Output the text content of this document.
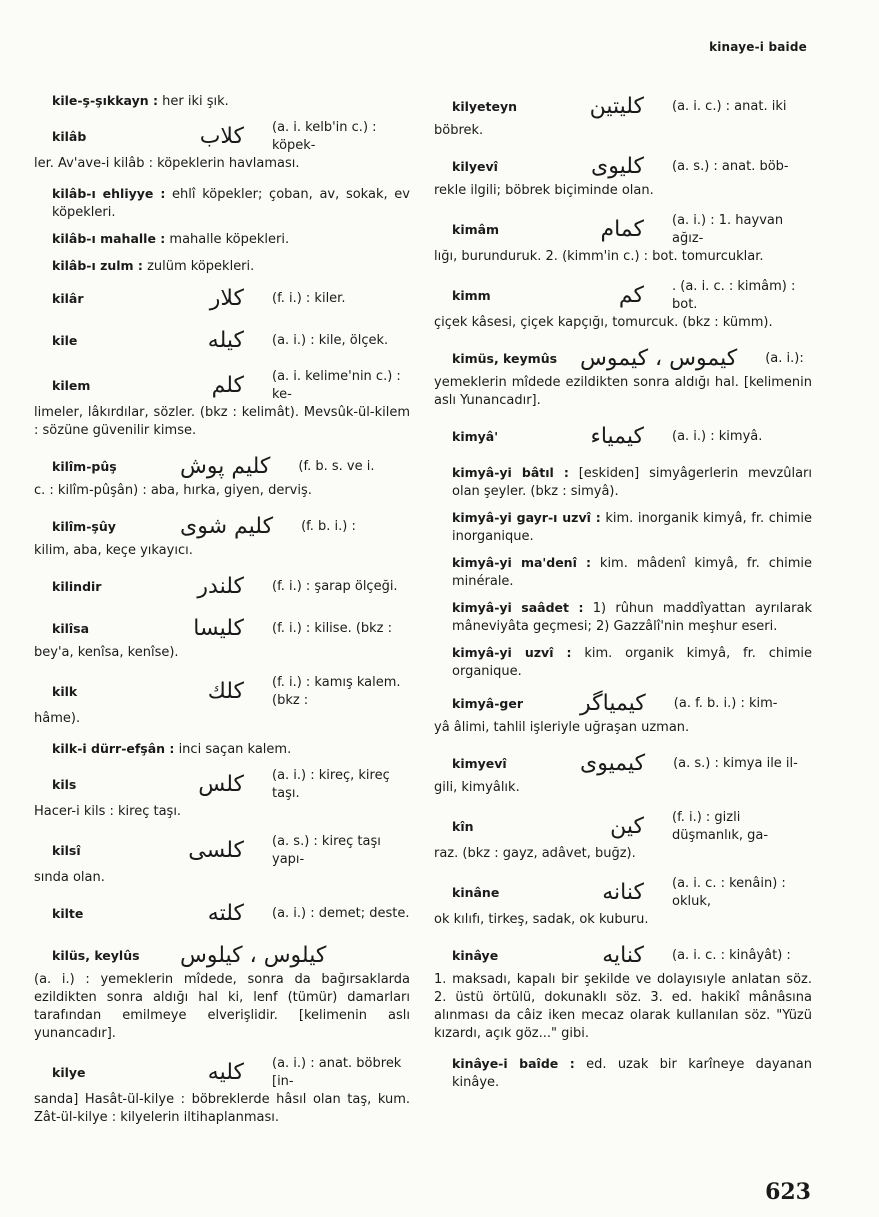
kinaye-i baide
kile-ş-şıkkayn : her iki şık.
kilâb	كلاب (a. i. kelb'in c.) : köpek-
ler. Av'ave-i kilâb : köpeklerin havlaması.
kilâb-ı ehliyye : ehlî köpekler; çoban, av, sokak, ev köpekleri.
kilâb-ı mahalle : mahalle köpekleri.
kilâb-ı zulm : zulüm köpekleri.
kilâr	كلار (f. i.) : kiler.
kile	كيله (a. i.) : kile, ölçek.
kilem	كلم (a. i. kelime'nin c.) : ke-
limeler, lâkırdılar, sözler. (bkz : kelimât). Mevsûk-ül-kilem : sözüne güvenilir kimse.
kilîm-pûş	كليم پوش (f. b. s. ve i.
c. : kilîm-pûşân) : aba, hırka, giyen, derviş.
kilîm-şûy	كليم شوى (f. b. i.) :
kilim, aba, keçe yıkayıcı.
kilindir	كلندر (f. i.) : şarap ölçeği.
kilîsa	كليسا (f. i.) : kilise. (bkz :
bey'a, kenîsa, kenîse).
kilk	كلك (f. i.) : kamış kalem. (bkz :
hâme).
kilk-i dürr-efşân : inci saçan kalem.
kils	كلس (a. i.) : kireç, kireç taşı.
Hacer-i kils : kireç taşı.
kilsî	كلسى (a. s.) : kireç taşı yapı-
sında olan.
kilte	كلته (a. i.) : demet; deste.
kilüs, keylûs	كيلوس ، كيلوس
(a. i.) : yemeklerin mîdede, sonra da bağırsaklarda ezildikten sonra aldığı hal ki, lenf (tümür) damarları tarafından emilmeye elverişlidir. [kelimenin aslı yunancadır].
kilye	كليه (a. i.) : anat. böbrek [in-
sanda] Hasât-ül-kilye : böbreklerde hâsıl olan taş, kum. Zât-ül-kilye : kilyelerin iltihaplanması.
kilyeteyn	كليتين (a. i. c.) : anat. iki
böbrek.
kilyevî	كليوى (a. s.) : anat. böb-
rekle ilgili; böbrek biçiminde olan.
kimâm	كمام (a. i.) : 1. hayvan ağız-
lığı, burunduruk. 2. (kimm'in c.) : bot. tomurcuklar.
kimm	كم . (a. i. c. : kimâm) : bot.
çiçek kâsesi, çiçek kapçığı, tomurcuk. (bkz : kümm).
kimüs, keymûs	كيموس ، كيموس (a. i.):
yemeklerin mîdede ezildikten sonra aldığı hal. [kelimenin aslı Yunancadır].
kimyâ'	كيمياء (a. i.) : kimyâ.
kimyâ-yi bâtıl : [eskiden] simyâgerlerin mevzûları olan şeyler. (bkz : simyâ).
kimyâ-yi gayr-ı uzvî : kim. inorganik kimyâ, fr. chimie inorganique.
kimyâ-yi ma'denî : kim. mâdenî kimyâ, fr. chimie minérale.
kimyâ-yi saâdet : 1) rûhun maddîyattan ayrılarak mâneviyâta geçmesi; 2) Gazzâlî'nin meşhur eseri.
kimyâ-yi uzvî : kim. organik kimyâ, fr. chimie organique.
kimyâ-ger	كيمياگر (a. f. b. i.) : kim-
yâ âlimi, tahlil işleriyle uğraşan uzman.
kimyevî	كيميوى (a. s.) : kimya ile il-
gili, kimyâlık.
kîn	كين (f. i.) : gizli düşmanlık, ga-
raz. (bkz : gayz, adâvet, buğz).
kinâne	كنانه (a. i. c. : kenâin) : okluk,
ok kılıfı, tirkeş, sadak, ok kuburu.
kinâye	كنايه (a. i. c. : kinâyât) :
1. maksadı, kapalı bir şekilde ve dolayısıyle anlatan söz. 2. üstü örtülü, dokunaklı söz. 3. ed. hakikî mânâsına alınması da câiz iken mecaz olarak kullanılan söz. "Yüzü kızardı, açık göz..." gibi.
kinâye-i baîde : ed. uzak bir karîneye dayanan kinâye.
623
